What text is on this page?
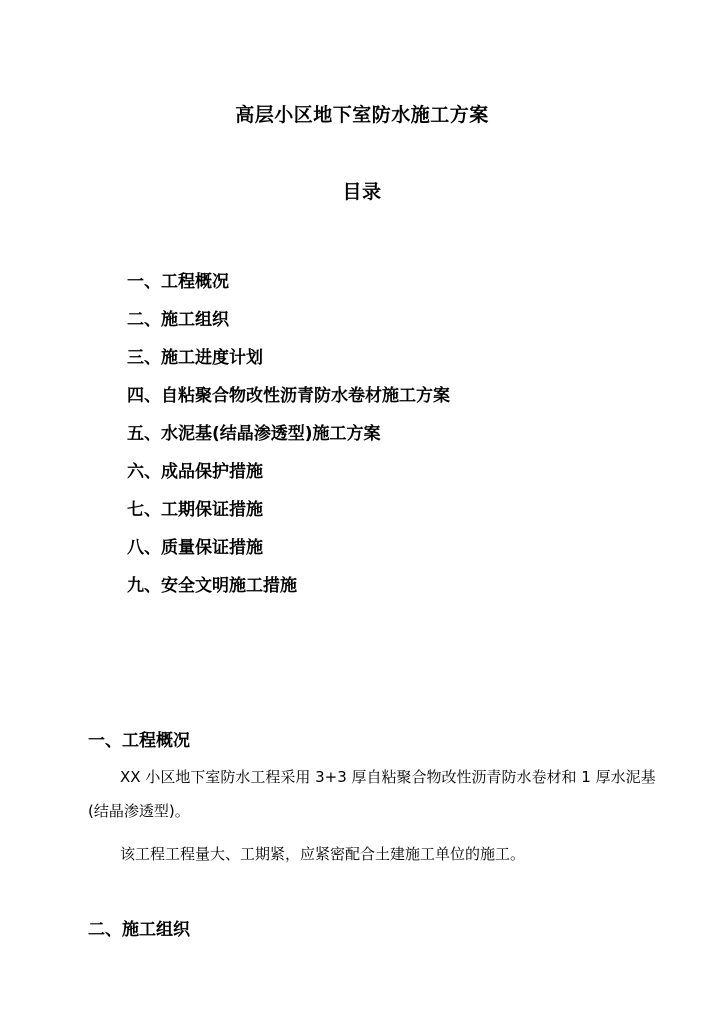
高层小区地下室防水施工方案
目录
一、工程概况
二、施工组织
三、施工进度计划
四、自粘聚合物改性沥青防水卷材施工方案
五、水泥基(结晶渗透型)施工方案
六、成品保护措施
七、工期保证措施
八、质量保证措施
九、安全文明施工措施
一、工程概况

XX 小区地下室防水工程采用 3+3 厚自粘聚合物改性沥青防水卷材和 1 厚水泥基(结晶渗透型)。

该工程工程量大、工期紧，应紧密配合土建施工单位的施工。

二、施工组织
